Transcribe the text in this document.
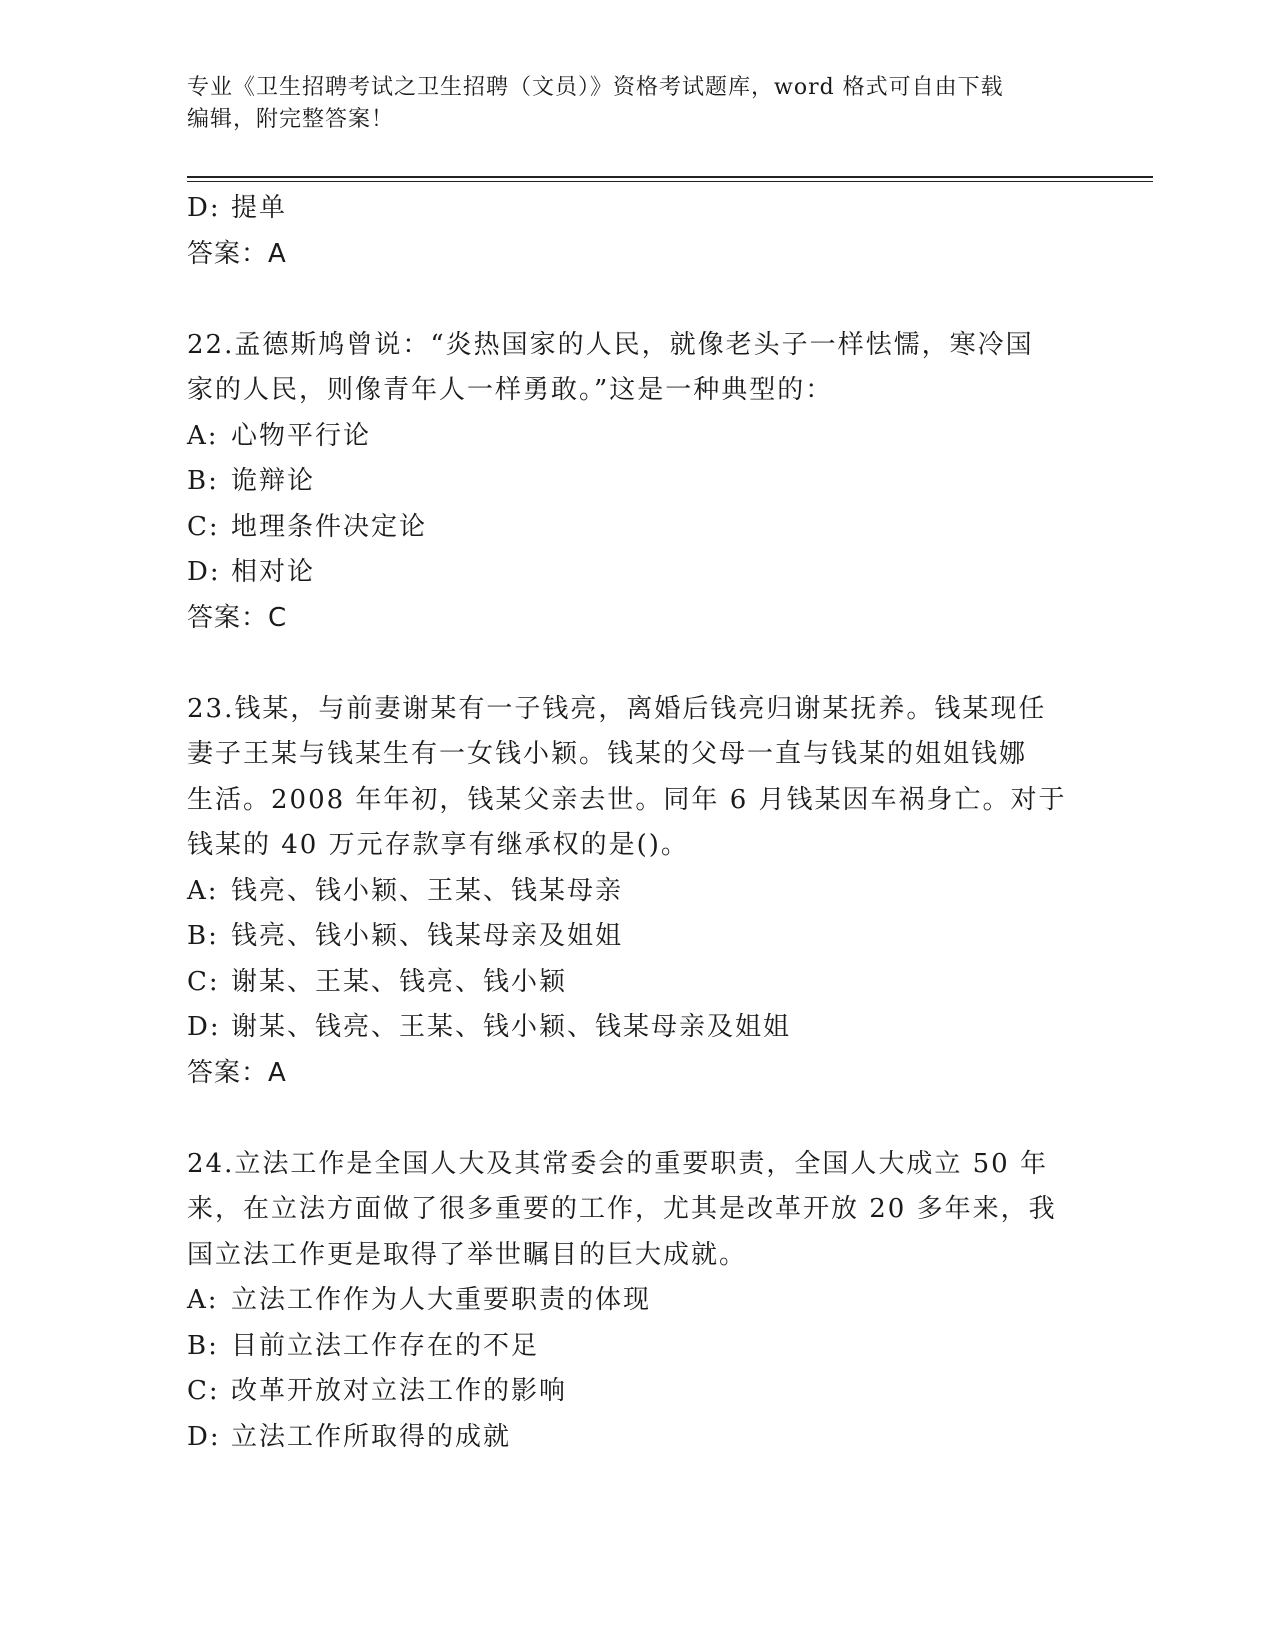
专业《卫生招聘考试之卫生招聘（文员）》资格考试题库，word 格式可自由下载
编辑，附完整答案！
D: 提单
答案：A
22.孟德斯鸠曾说：“炎热国家的人民，就像老头子一样怯懦，寒冷国
家的人民，则像青年人一样勇敢。”这是一种典型的：
A: 心物平行论
B: 诡辩论
C: 地理条件决定论
D: 相对论
答案：C
23.钱某，与前妻谢某有一子钱亮，离婚后钱亮归谢某抚养。钱某现任
妻子王某与钱某生有一女钱小颖。钱某的父母一直与钱某的姐姐钱娜
生活。2008 年年初，钱某父亲去世。同年 6 月钱某因车祸身亡。对于
钱某的 40 万元存款享有继承权的是()。
A: 钱亮、钱小颖、王某、钱某母亲
B: 钱亮、钱小颖、钱某母亲及姐姐
C: 谢某、王某、钱亮、钱小颖
D: 谢某、钱亮、王某、钱小颖、钱某母亲及姐姐
答案：A
24.立法工作是全国人大及其常委会的重要职责，全国人大成立 50 年
来，在立法方面做了很多重要的工作，尤其是改革开放 20 多年来，我
国立法工作更是取得了举世瞩目的巨大成就。
A: 立法工作作为人大重要职责的体现
B: 目前立法工作存在的不足
C: 改革开放对立法工作的影响
D: 立法工作所取得的成就
